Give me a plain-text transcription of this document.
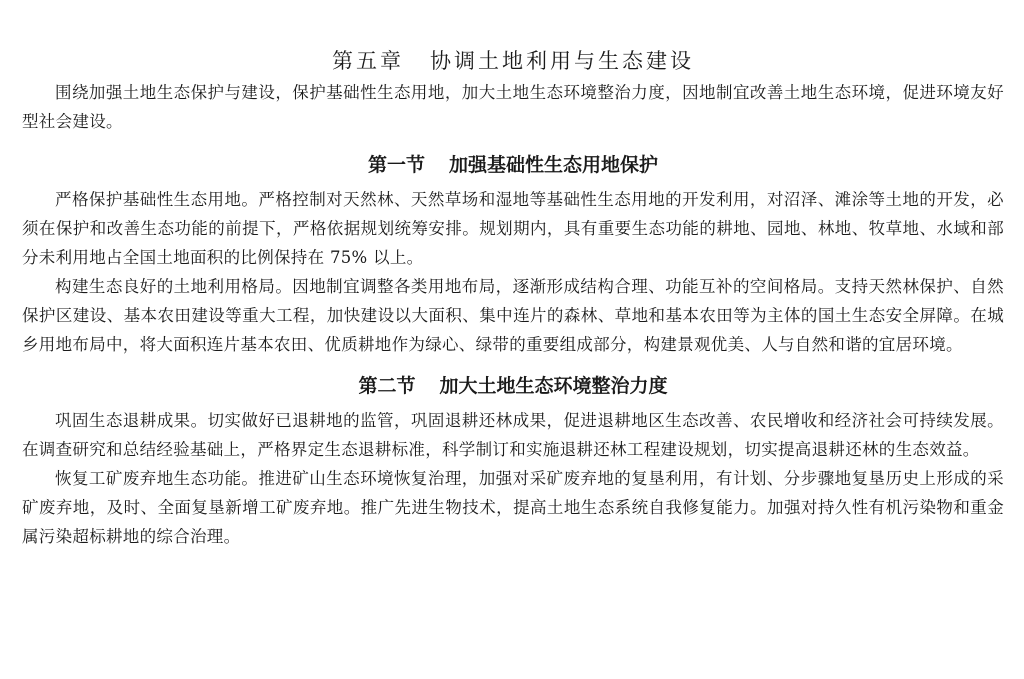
第五章 协调土地利用与生态建设

围绕加强土地生态保护与建设，保护基础性生态用地，加大土地生态环境整治力度，因地制宜改善土地生态环境，促进环境友好型社会建设。

第一节 加强基础性生态用地保护

严格保护基础性生态用地。严格控制对天然林、天然草场和湿地等基础性生态用地的开发利用，对沼泽、滩涂等土地的开发，必须在保护和改善生态功能的前提下，严格依据规划统筹安排。规划期内，具有重要生态功能的耕地、园地、林地、牧草地、水域和部分未利用地占全国土地面积的比例保持在 75% 以上。

构建生态良好的土地利用格局。因地制宜调整各类用地布局，逐渐形成结构合理、功能互补的空间格局。支持天然林保护、自然保护区建设、基本农田建设等重大工程，加快建设以大面积、集中连片的森林、草地和基本农田等为主体的国土生态安全屏障。在城乡用地布局中，将大面积连片基本农田、优质耕地作为绿心、绿带的重要组成部分，构建景观优美、人与自然和谐的宜居环境。

第二节 加大土地生态环境整治力度

巩固生态退耕成果。切实做好已退耕地的监管，巩固退耕还林成果，促进退耕地区生态改善、农民增收和经济社会可持续发展。在调查研究和总结经验基础上，严格界定生态退耕标准，科学制订和实施退耕还林工程建设规划，切实提高退耕还林的生态效益。

恢复工矿废弃地生态功能。推进矿山生态环境恢复治理，加强对采矿废弃地的复垦利用，有计划、分步骤地复垦历史上形成的采矿废弃地，及时、全面复垦新增工矿废弃地。推广先进生物技术，提高土地生态系统自我修复能力。加强对持久性有机污染物和重金属污染超标耕地的综合治理。
